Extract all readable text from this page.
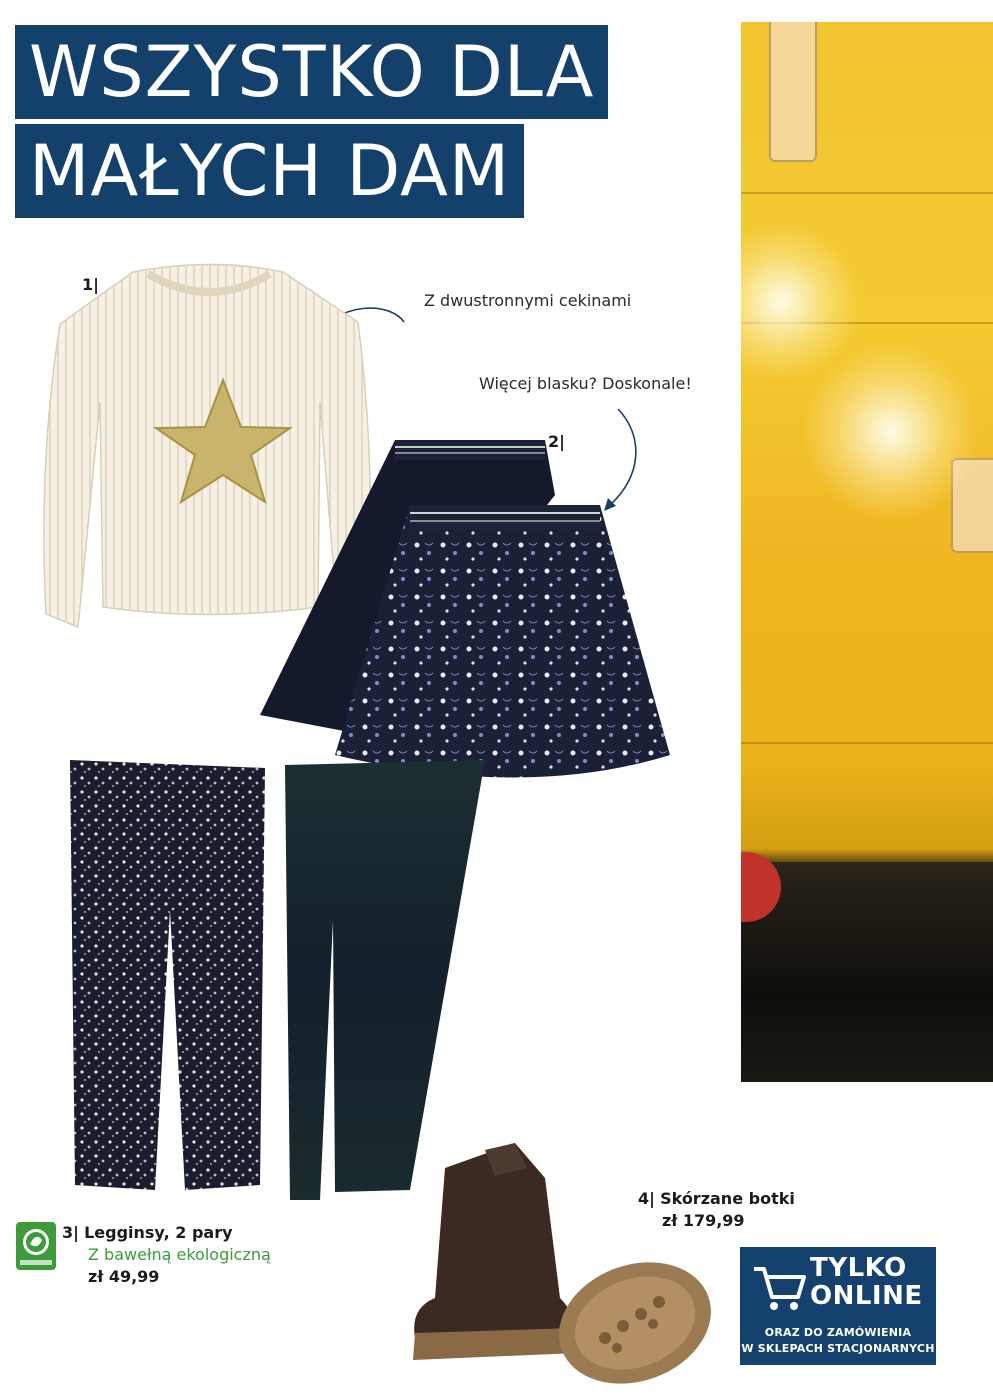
WSZYSTKO DLA
MAŁYCH DAM
1|
Z dwustronnymi cekinami
Więcej blasku? Doskonale!
2|
3| Legginsy, 2 pary
Z bawełną ekologiczną
zł 49,99
4| Skórzane botki
zł 179,99
TYLKO
ONLINE
ORAZ DO ZAMÓWIENIA
W SKLEPACH STACJONARNYCH
